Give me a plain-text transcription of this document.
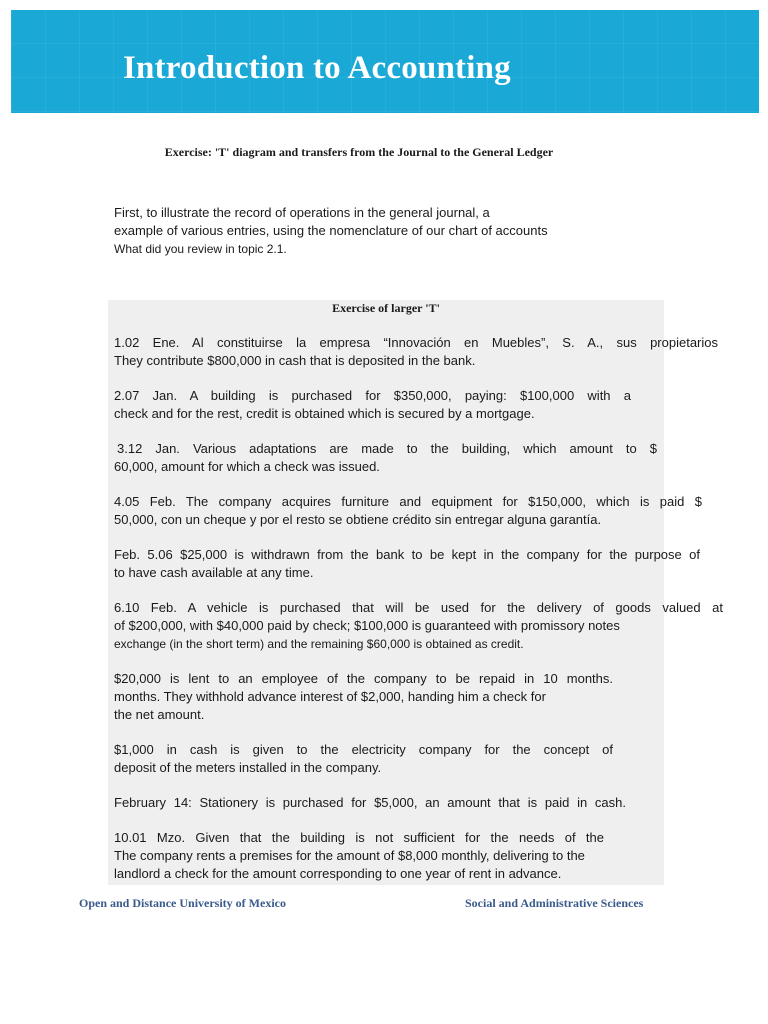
Introduction to Accounting
Exercise: 'T' diagram and transfers from the Journal to the General Ledger
First, to illustrate the record of operations in the general journal, a
example of various entries, using the nomenclature of our chart of accounts
What did you review in topic 2.1.
Exercise of larger 'T'
1.02 Ene. Al constituirse la empresa “Innovación en Muebles”, S. A., sus propietarios
They contribute $800,000 in cash that is deposited in the bank.
2.07 Jan. A building is purchased for $350,000, paying: $100,000 with a
check and for the rest, credit is obtained which is secured by a mortgage.
3.12 Jan. Various adaptations are made to the building, which amount to $
60,000, amount for which a check was issued.
4.05 Feb. The company acquires furniture and equipment for $150,000, which is paid $
50,000, con un cheque y por el resto se obtiene crédito sin entregar alguna garantía.
Feb. 5.06 $25,000 is withdrawn from the bank to be kept in the company for the purpose of
to have cash available at any time.
6.10 Feb. A vehicle is purchased that will be used for the delivery of goods valued at
of $200,000, with $40,000 paid by check; $100,000 is guaranteed with promissory notes
exchange (in the short term) and the remaining $60,000 is obtained as credit.
$20,000 is lent to an employee of the company to be repaid in 10 months.
months. They withhold advance interest of $2,000, handing him a check for
the net amount.
$1,000 in cash is given to the electricity company for the concept of
deposit of the meters installed in the company.
February 14: Stationery is purchased for $5,000, an amount that is paid in cash.
10.01 Mzo. Given that the building is not sufficient for the needs of the
The company rents a premises for the amount of $8,000 monthly, delivering to the
landlord a check for the amount corresponding to one year of rent in advance.
Open and Distance University of Mexico	Social and Administrative Sciences
